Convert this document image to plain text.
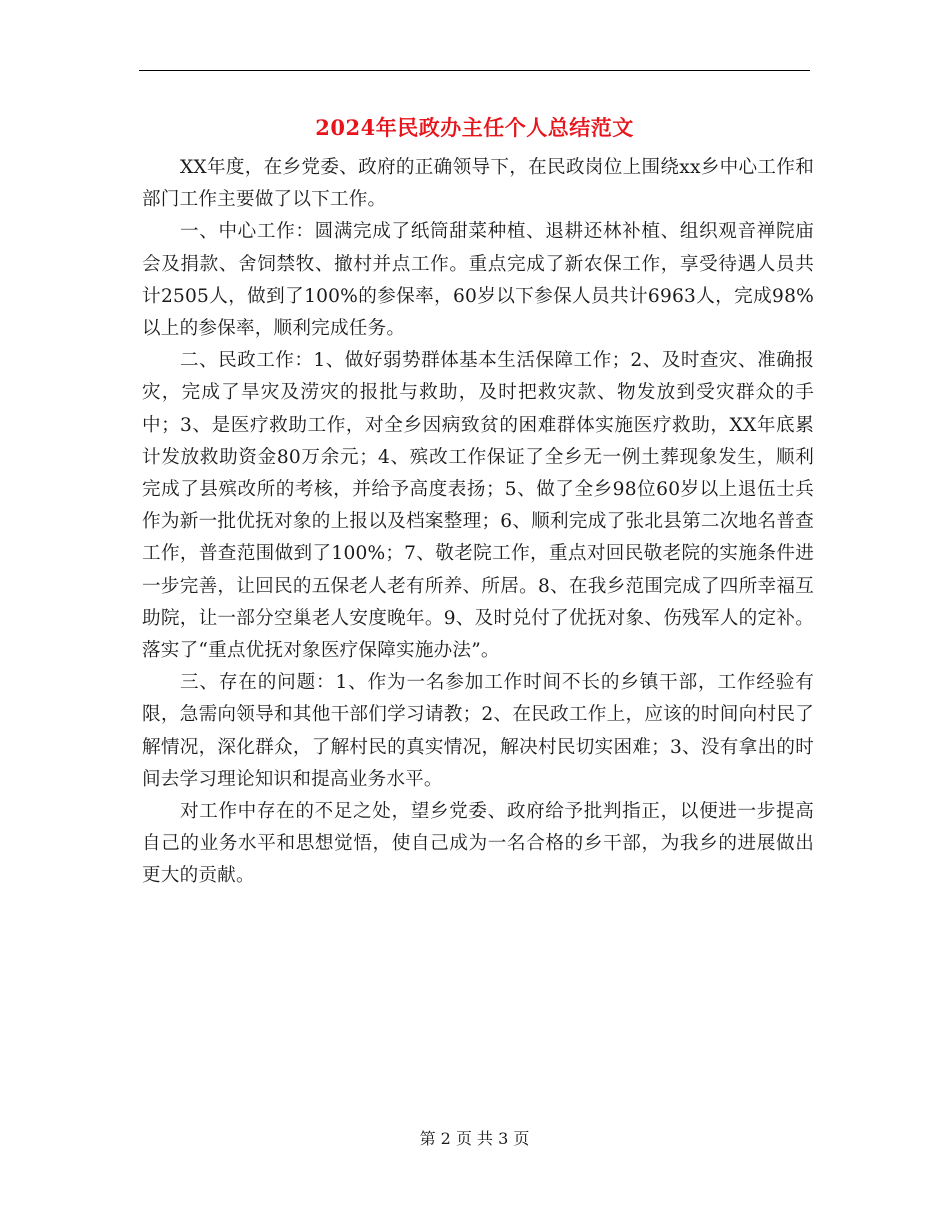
2024年民政办主任个人总结范文

XX年度，在乡党委、政府的正确领导下，在民政岗位上围绕xx乡中心工作和部门工作主要做了以下工作。

一、中心工作：圆满完成了纸筒甜菜种植、退耕还林补植、组织观音禅院庙会及捐款、舍饲禁牧、撤村并点工作。重点完成了新农保工作，享受待遇人员共计2505人，做到了100%的参保率，60岁以下参保人员共计6963人，完成98%以上的参保率，顺利完成任务。

二、民政工作：1、做好弱势群体基本生活保障工作；2、及时查灾、准确报灾，完成了旱灾及涝灾的报批与救助，及时把救灾款、物发放到受灾群众的手中；3、是医疗救助工作，对全乡因病致贫的困难群体实施医疗救助，XX年底累计发放救助资金80万余元；4、殡改工作保证了全乡无一例土葬现象发生，顺利完成了县殡改所的考核，并给予高度表扬；5、做了全乡98位60岁以上退伍士兵作为新一批优抚对象的上报以及档案整理；6、顺利完成了张北县第二次地名普查工作，普查范围做到了100%；7、敬老院工作，重点对回民敬老院的实施条件进一步完善，让回民的五保老人老有所养、所居。8、在我乡范围完成了四所幸福互助院，让一部分空巢老人安度晚年。9、及时兑付了优抚对象、伤残军人的定补。落实了“重点优抚对象医疗保障实施办法”。

三、存在的问题：1、作为一名参加工作时间不长的乡镇干部，工作经验有限，急需向领导和其他干部们学习请教；2、在民政工作上，应该的时间向村民了解情况，深化群众，了解村民的真实情况，解决村民切实困难；3、没有拿出的时间去学习理论知识和提高业务水平。

对工作中存在的不足之处，望乡党委、政府给予批判指正，以便进一步提高自己的业务水平和思想觉悟，使自己成为一名合格的乡干部，为我乡的进展做出更大的贡献。

第 2 页 共 3 页
